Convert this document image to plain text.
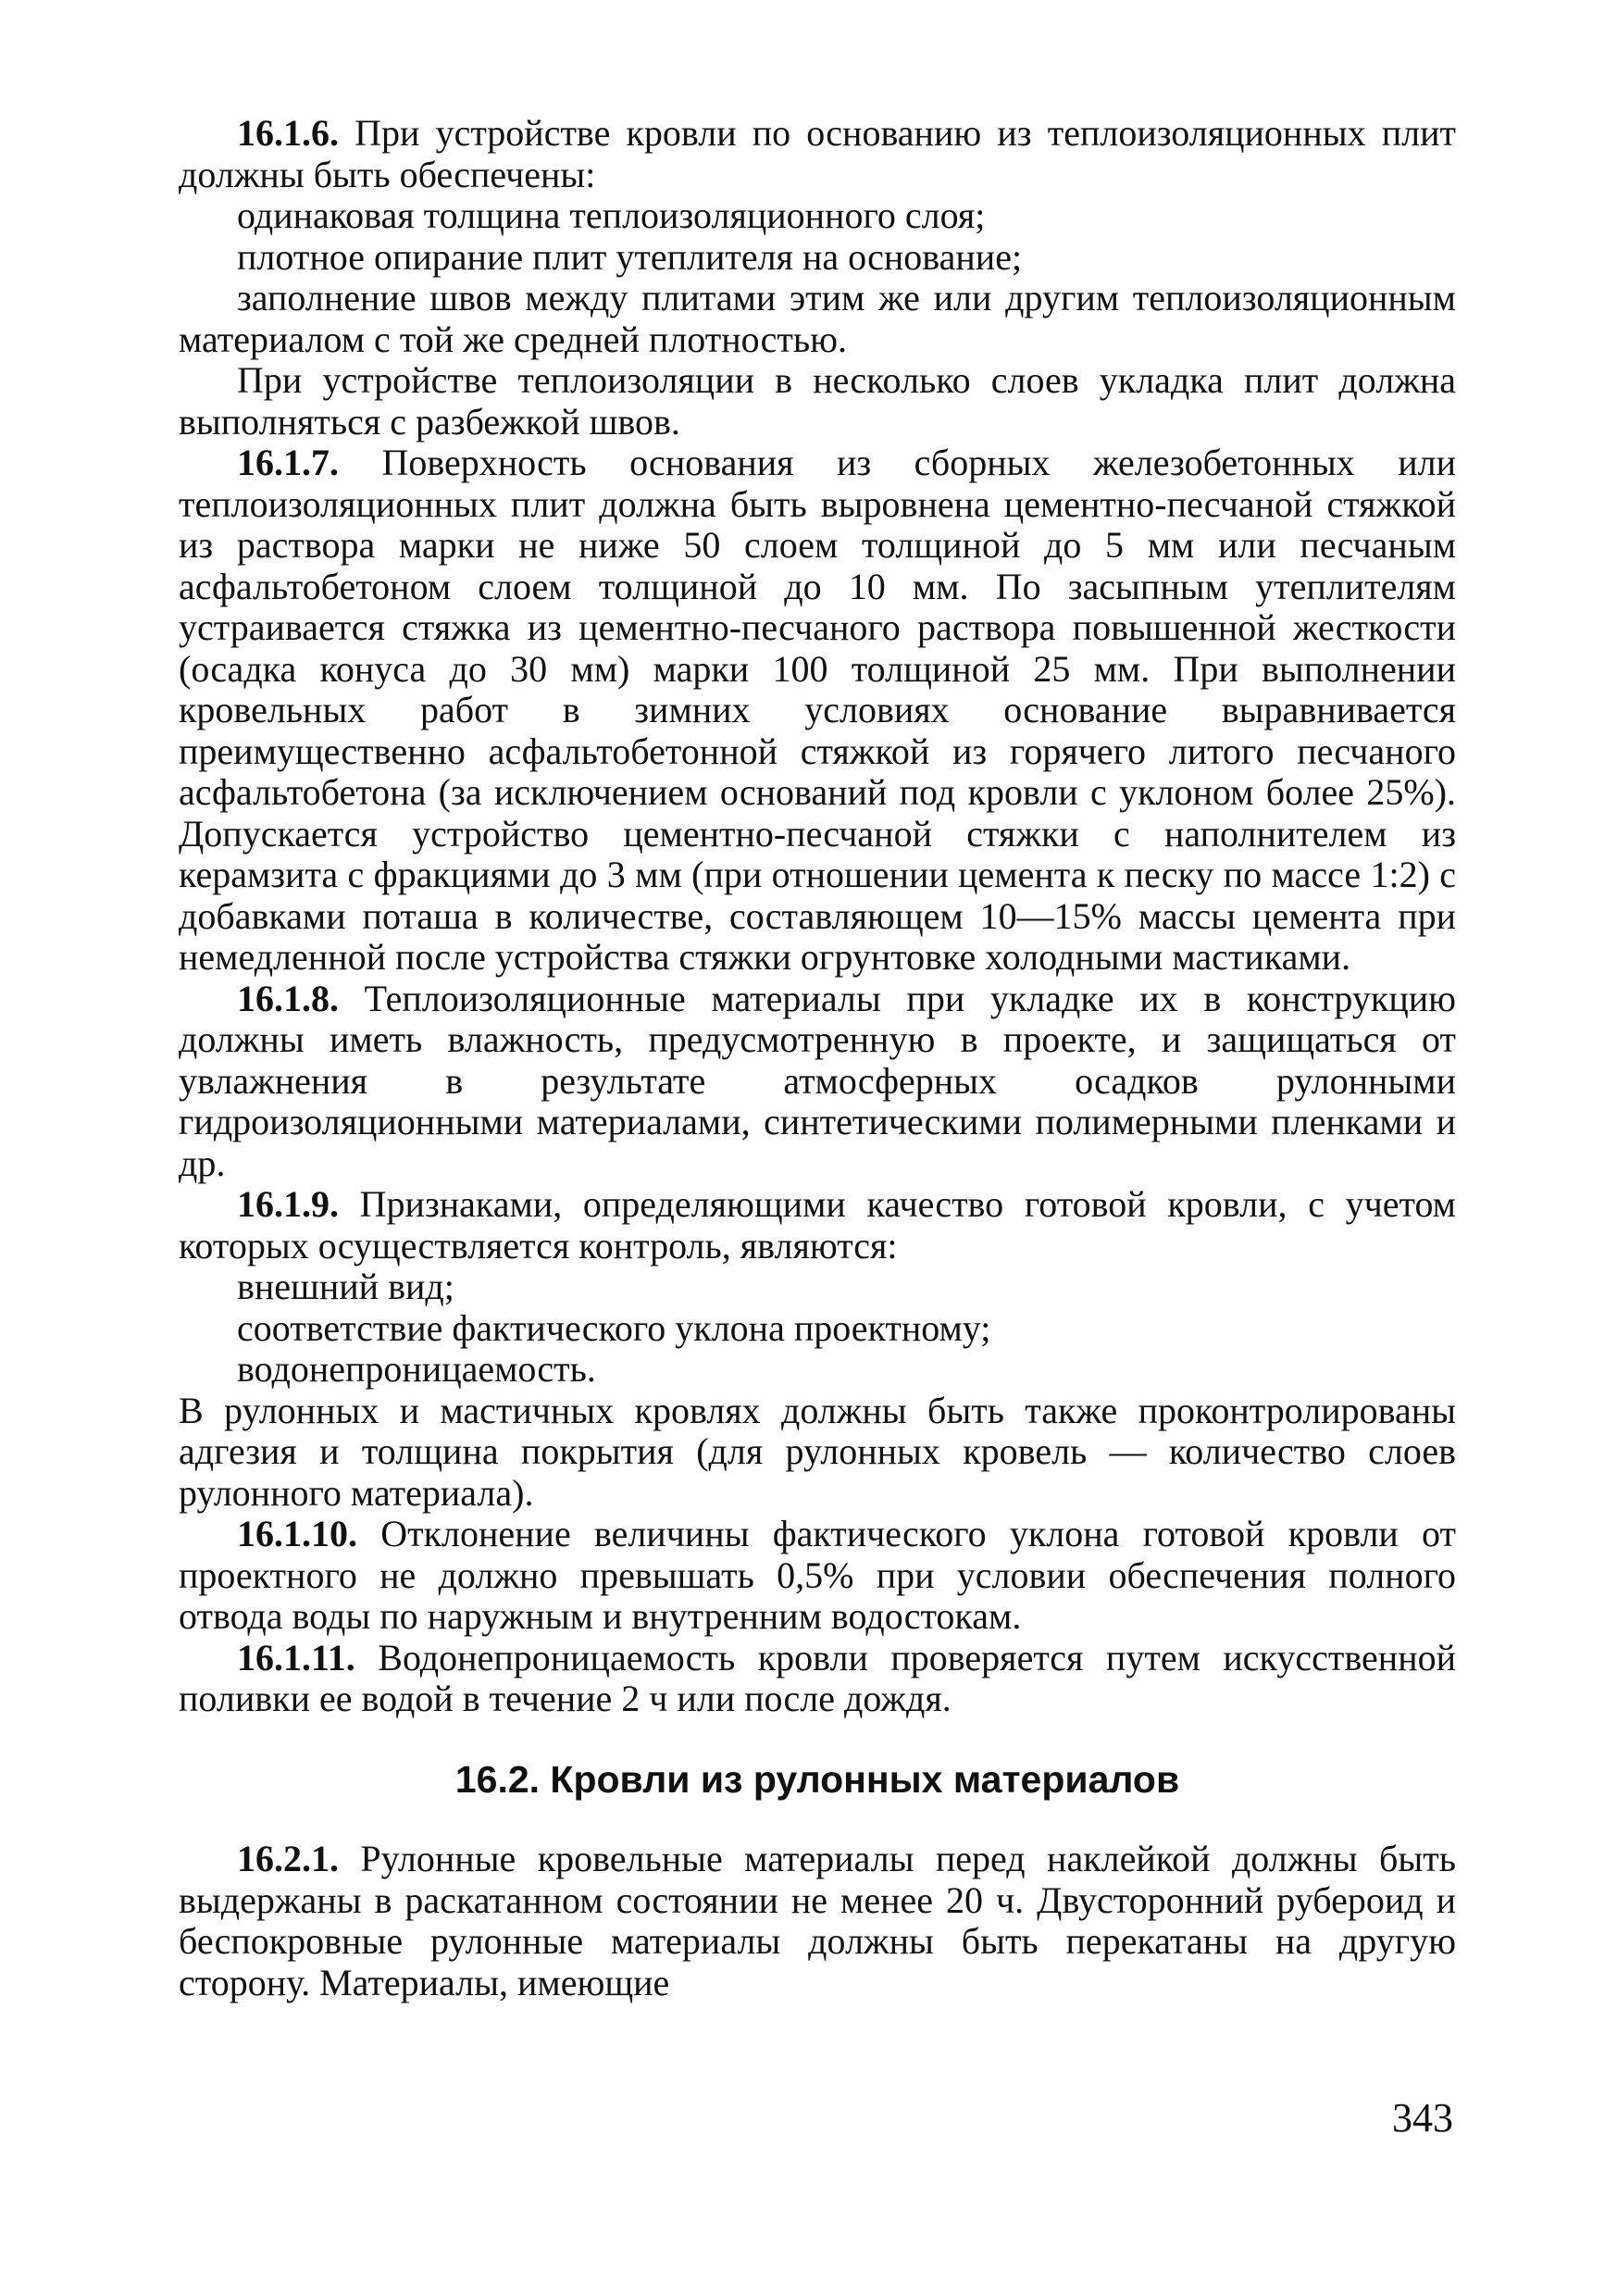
16.1.6. При устройстве кровли по основанию из теплоизоляционных плит должны быть обеспечены:

одинаковая толщина теплоизоляционного слоя;

плотное опирание плит утеплителя на основание;

заполнение швов между плитами этим же или другим теплоизоляционным материалом с той же средней плотностью.

При устройстве теплоизоляции в несколько слоев укладка плит должна выполняться с разбежкой швов.

16.1.7. Поверхность основания из сборных железобетонных или теплоизоляционных плит должна быть выровнена цементно-песчаной стяжкой из раствора марки не ниже 50 слоем толщиной до 5 мм или песчаным асфальтобетоном слоем толщиной до 10 мм. По засыпным утеплителям устраивается стяжка из цементно-песчаного раствора повышенной жесткости (осадка конуса до 30 мм) марки 100 толщиной 25 мм. При выполнении кровельных работ в зимних условиях основание выравнивается преимущественно асфальтобетонной стяжкой из горячего литого песчаного асфальтобетона (за исключением оснований под кровли с уклоном более 25%). Допускается устройство цементно-песчаной стяжки с наполнителем из керамзита с фракциями до 3 мм (при отношении цемента к песку по массе 1:2) с добавками поташа в количестве, составляющем 10—15% массы цемента при немедленной после устройства стяжки огрунтовке холодными мастиками.

16.1.8. Теплоизоляционные материалы при укладке их в конструкцию должны иметь влажность, предусмотренную в проекте, и защищаться от увлажнения в результате атмосферных осадков рулонными гидроизоляционными материалами, синтетическими полимерными пленками и др.

16.1.9. Признаками, определяющими качество готовой кровли, с учетом которых осуществляется контроль, являются:

внешний вид;

соответствие фактического уклона проектному;

водонепроницаемость.

В рулонных и мастичных кровлях должны быть также проконтролированы адгезия и толщина покрытия (для рулонных кровель — количество слоев рулонного материала).

16.1.10. Отклонение величины фактического уклона готовой кровли от проектного не должно превышать 0,5% при условии обеспечения полного отвода воды по наружным и внутренним водостокам.

16.1.11. Водонепроницаемость кровли проверяется путем искусственной поливки ее водой в течение 2 ч или после дождя.

16.2. Кровли из рулонных материалов

16.2.1. Рулонные кровельные материалы перед наклейкой должны быть выдержаны в раскатанном состоянии не менее 20 ч. Двусторонний рубероид и беспокровные рулонные материалы должны быть перекатаны на другую сторону. Материалы, имеющие

343
